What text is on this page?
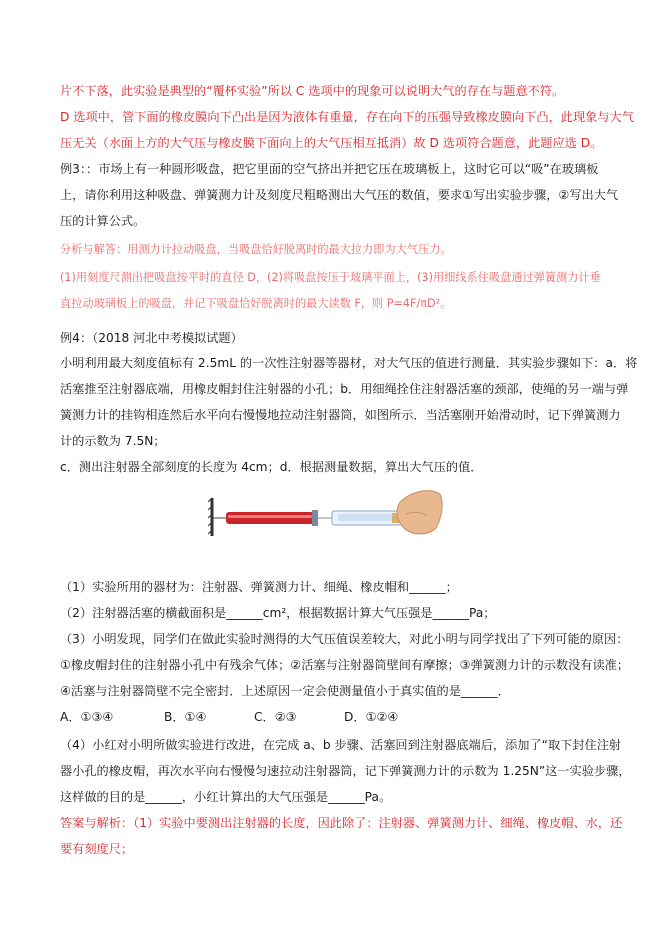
片不下落，此实验是典型的“覆杯实验”所以 C 选项中的现象可以说明大气的存在与题意不符。
D 选项中，管下面的橡皮膜向下凸出是因为液体有重量，存在向下的压强导致橡皮膜向下凸，此现象与大气
压无关（水面上方的大气压与橡皮膜下面向上的大气压相互抵消）故 D 选项符合题意，此题应选 D。
例3：：市场上有一种圆形吸盘，把它里面的空气挤出并把它压在玻璃板上，这时它可以“吸”在玻璃板
上，请你利用这种吸盘、弹簧测力计及刻度尺粗略测出大气压的数值，要求①写出实验步骤，②写出大气
压的计算公式。
分析与解答：用测力计拉动吸盘，当吸盘恰好脱离时的最大拉力即为大气压力。
(1)用刻度尺测出把吸盘按平时的直径 D，(2)将吸盘按压于玻璃平面上，(3)用细线系住吸盘通过弹簧测力计垂
直拉动玻璃板上的吸盘，并记下吸盘恰好脱离时的最大读数 F，则 P=4F/πD²。
例4：（2018 河北中考模拟试题）
小明利用最大刻度值标有 2.5mL 的一次性注射器等器材，对大气压的值进行测量．其实验步骤如下：a．将
活塞推至注射器底端，用橡皮帽封住注射器的小孔；b．用细绳拴住注射器活塞的颈部，使绳的另一端与弹
簧测力计的挂钩相连然后水平向右慢慢地拉动注射器筒，如图所示．当活塞刚开始滑动时，记下弹簧测力
计的示数为 7.5N；
c．测出注射器全部刻度的长度为 4cm；d．根据测量数据，算出大气压的值．
（1）实验所用的器材为：注射器、弹簧测力计、细绳、橡皮帽和______；
（2）注射器活塞的横截面积是______cm²，根据数据计算大气压强是______Pa；
（3）小明发现，同学们在做此实验时测得的大气压值误差较大，对此小明与同学找出了下列可能的原因：
①橡皮帽封住的注射器小孔中有残余气体；②活塞与注射器筒壁间有摩擦；③弹簧测力计的示数没有读准；
④活塞与注射器筒壁不完全密封．上述原因一定会使测量值小于真实值的是______．
A．①③④	B．①④	C．②③	D．①②④
（4）小红对小明所做实验进行改进，在完成 a、b 步骤、活塞回到注射器底端后，添加了“取下封住注射
器小孔的橡皮帽，再次水平向右慢慢匀速拉动注射器筒，记下弹簧测力计的示数为 1.25N”这一实验步骤，
这样做的目的是______，小红计算出的大气压强是______Pa。
答案与解析：（1）实验中要测出注射器的长度，因此除了：注射器、弹簧测力计、细绳、橡皮帽、水，还
要有刻度尺；
